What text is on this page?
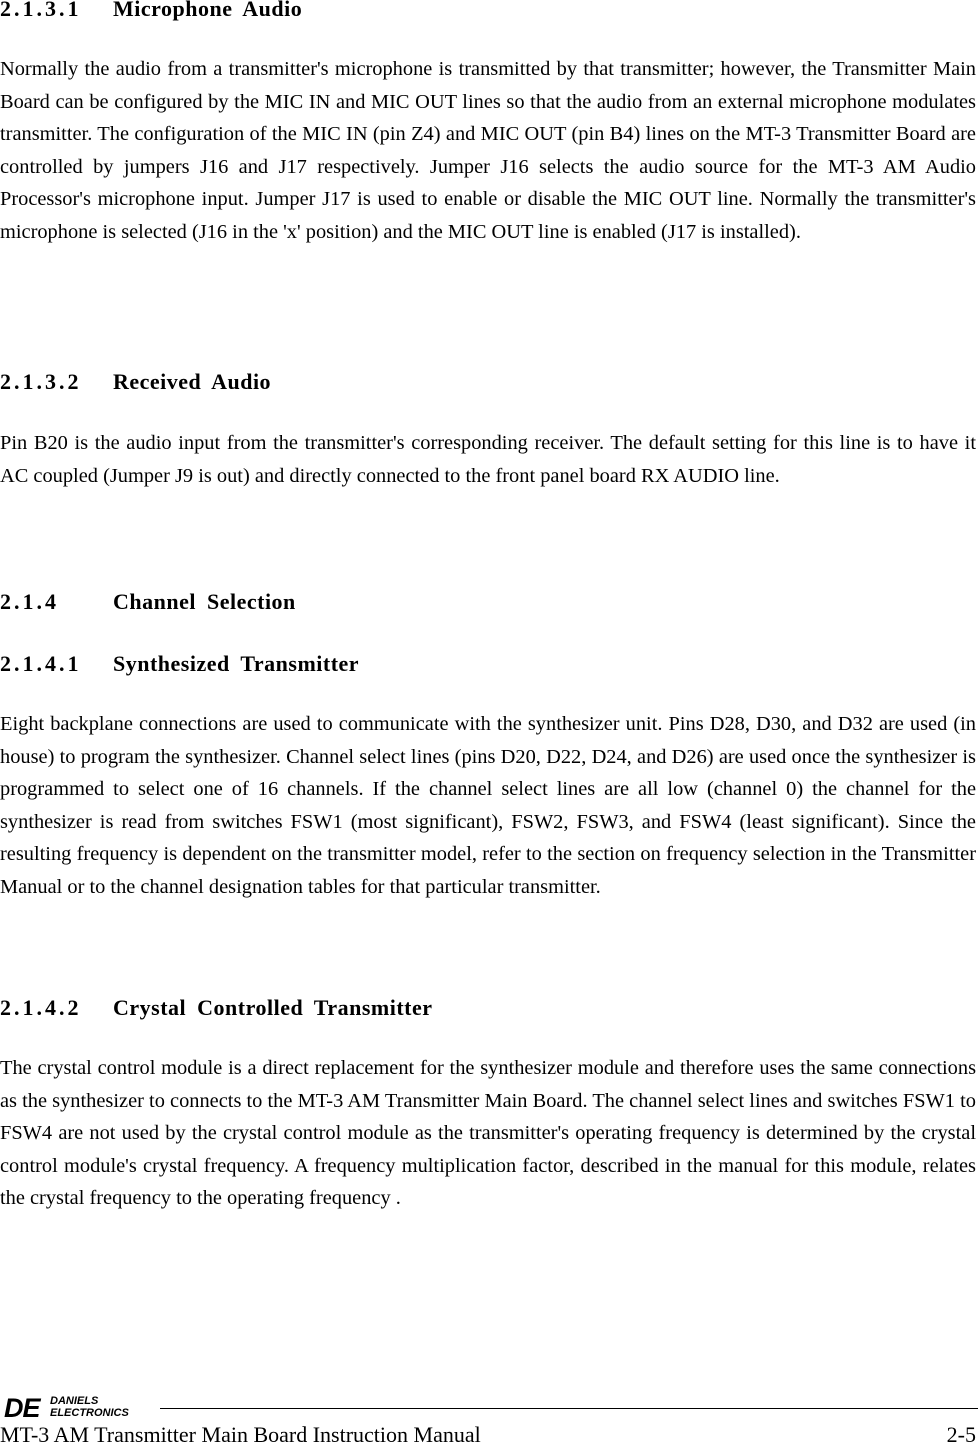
2.1.3.1 Microphone Audio

Normally the audio from a transmitter's microphone is transmitted by that transmitter; however, the Transmitter Main Board can be configured by the MIC IN and MIC OUT lines so that the audio from an external microphone modulates transmitter. The configuration of the MIC IN (pin Z4) and MIC OUT (pin B4) lines on the MT-3 Transmitter Board are controlled by jumpers J16 and J17 respectively. Jumper J16 selects the audio source for the MT-3 AM Audio Processor's microphone input. Jumper J17 is used to enable or disable the MIC OUT line. Normally the transmitter's microphone is selected (J16 in the 'x' position) and the MIC OUT line is enabled (J17 is installed).

2.1.3.2 Received Audio

Pin B20 is the audio input from the transmitter's corresponding receiver. The default setting for this line is to have it AC coupled (Jumper J9 is out) and directly connected to the front panel board RX AUDIO line.

2.1.4 Channel Selection
2.1.4.1 Synthesized Transmitter

Eight backplane connections are used to communicate with the synthesizer unit. Pins D28, D30, and D32 are used (in house) to program the synthesizer. Channel select lines (pins D20, D22, D24, and D26) are used once the synthesizer is programmed to select one of 16 channels. If the channel select lines are all low (channel 0) the channel for the synthesizer is read from switches FSW1 (most significant), FSW2, FSW3, and FSW4 (least significant). Since the resulting frequency is dependent on the transmitter model, refer to the section on frequency selection in the Transmitter Manual or to the channel designation tables for that particular transmitter.

2.1.4.2 Crystal Controlled Transmitter

The crystal control module is a direct replacement for the synthesizer module and therefore uses the same connections as the synthesizer to connects to the MT-3 AM Transmitter Main Board. The channel select lines and switches FSW1 to FSW4 are not used by the crystal control module as the transmitter's operating frequency is determined by the crystal control module's crystal frequency. A frequency multiplication factor, described in the manual for this module, relates the crystal frequency to the operating frequency .

DE DANIELS
ELECTRONICS
MT-3 AM Transmitter Main Board Instruction Manual	2-5
